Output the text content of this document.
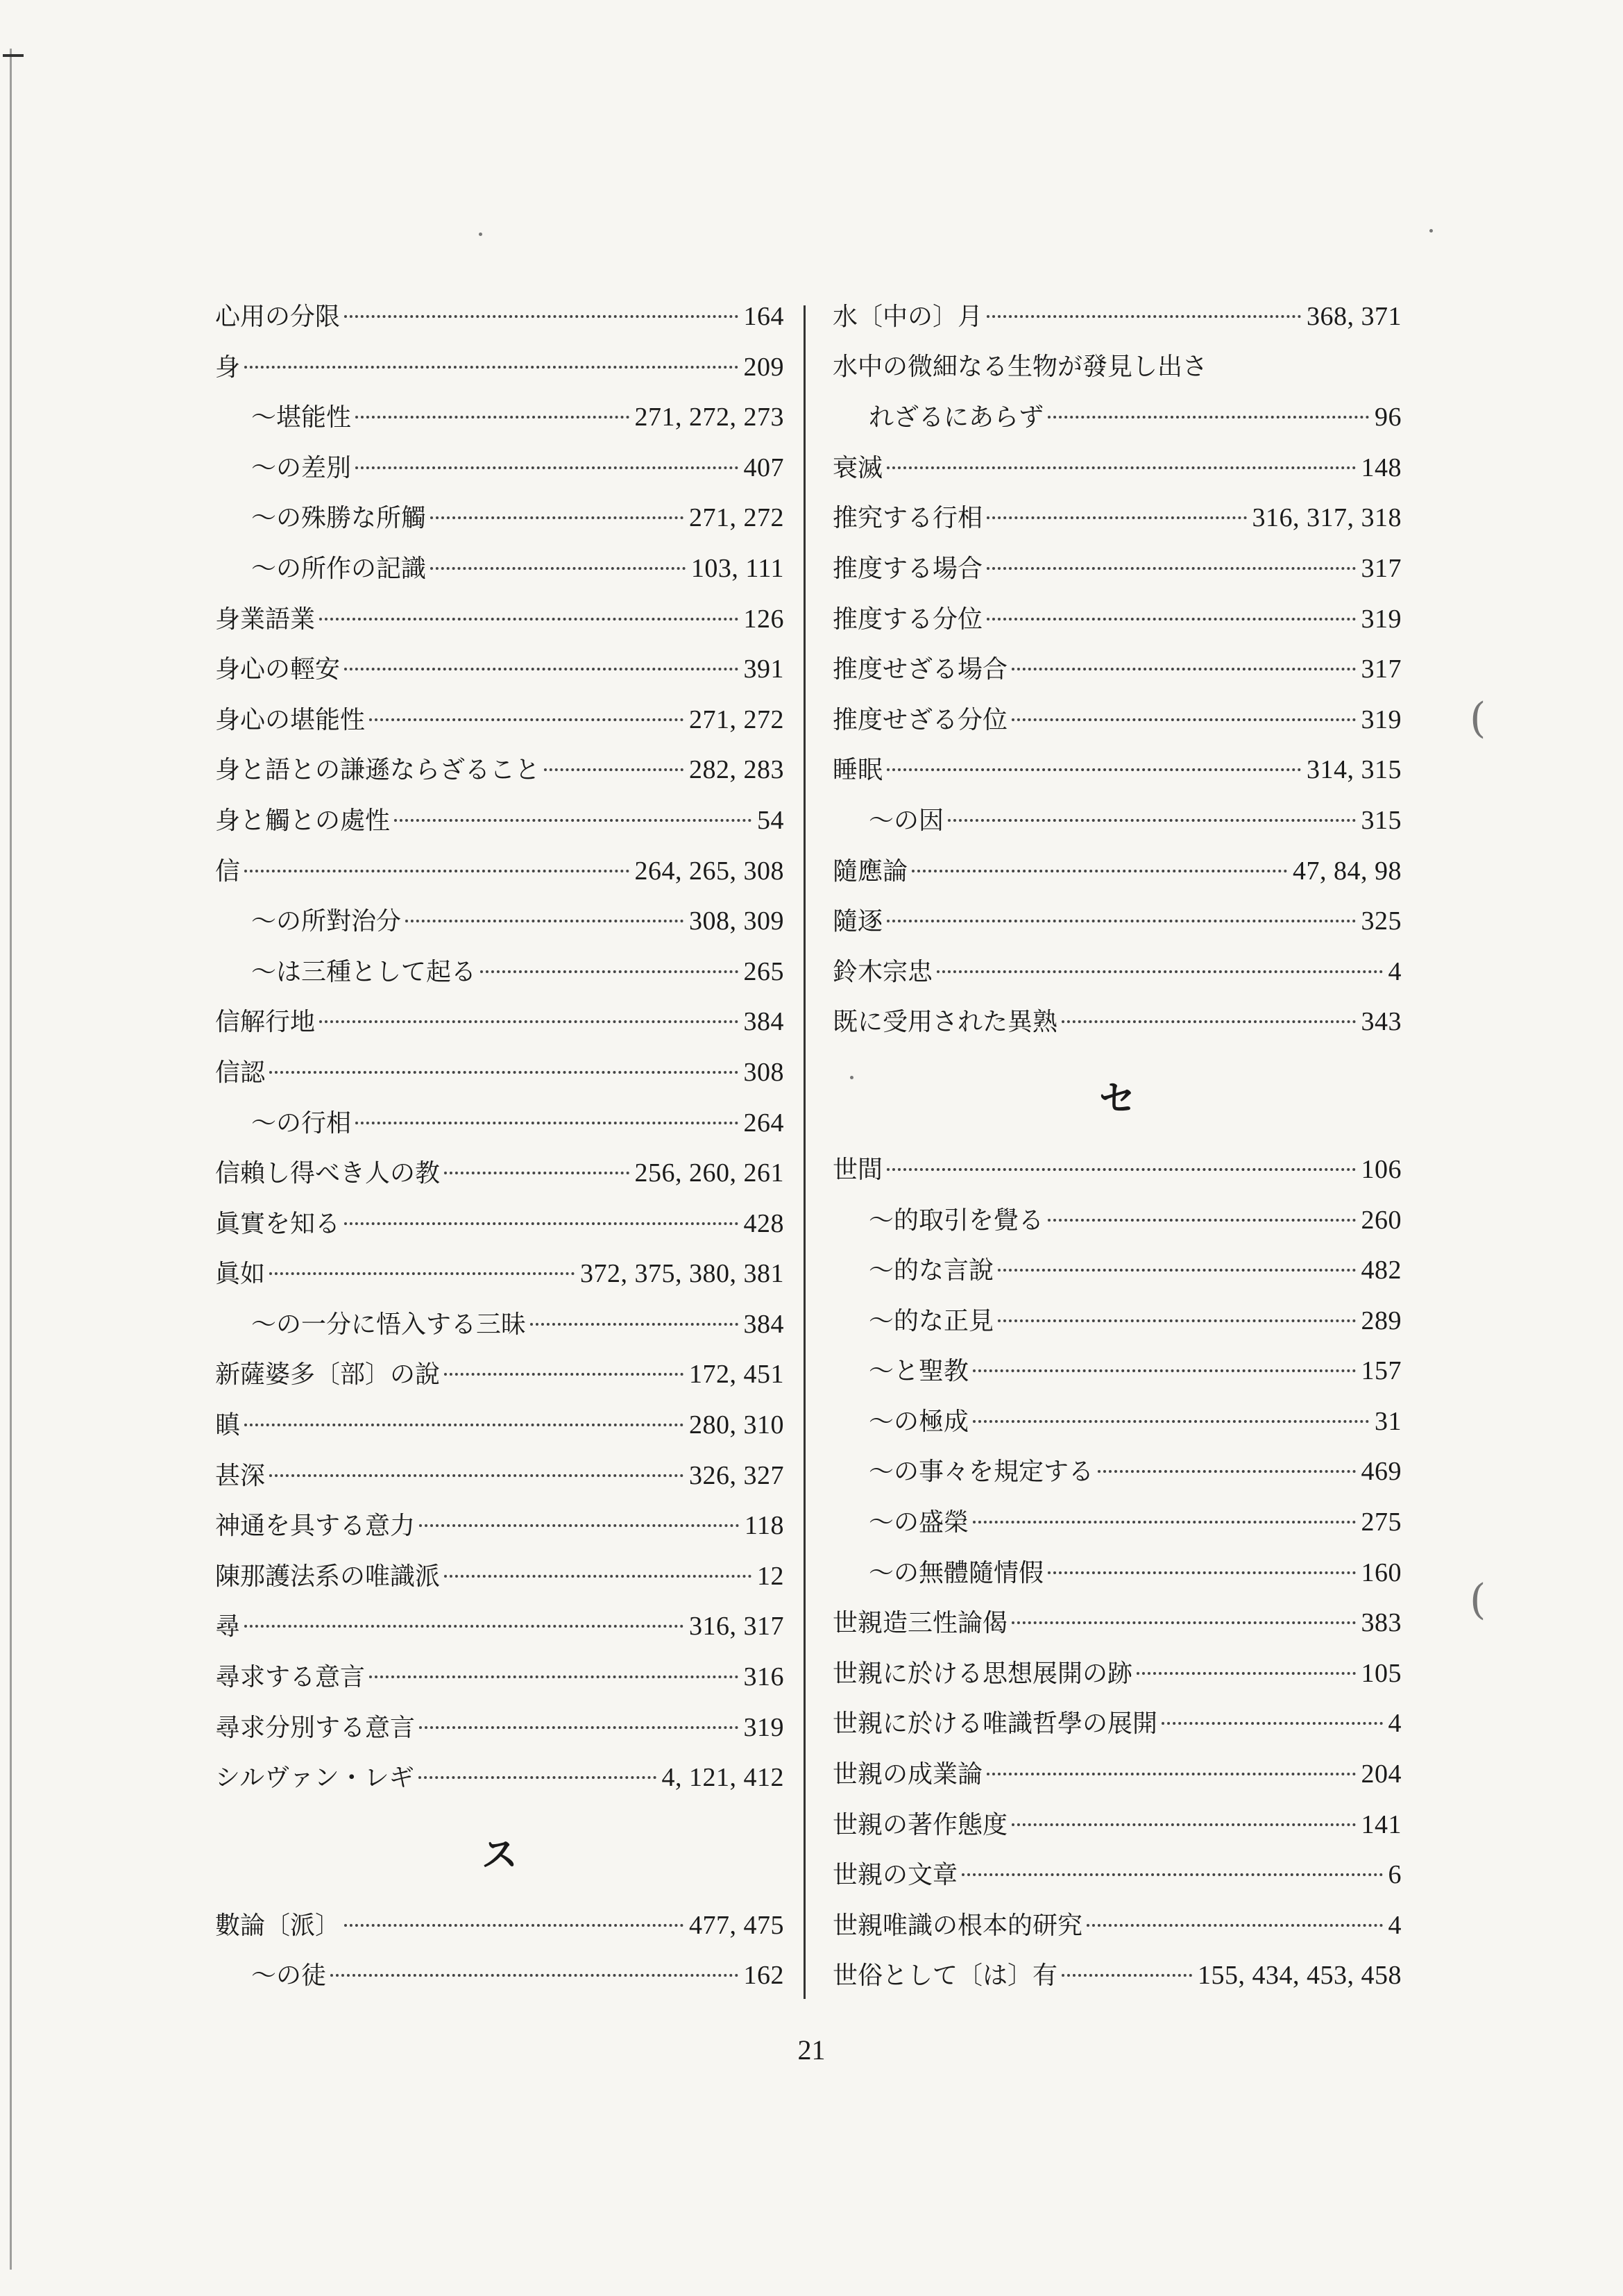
心用の分限	164
身	209
〜堪能性	271, 272, 273
〜の差別	407
〜の殊勝な所觸	271, 272
〜の所作の記識	103, 111
身業語業	126
身心の輕安	391
身心の堪能性	271, 272
身と語との謙遜ならざること	282, 283
身と觸との處性	54
信	264, 265, 308
〜の所對治分	308, 309
〜は三種として起る	265
信解行地	384
信認	308
〜の行相	264
信賴し得べき人の教	256, 260, 261
眞實を知る	428
眞如	372, 375, 380, 381
〜の一分に悟入する三昧	384
新薩婆多〔部〕の說	172, 451
瞋	280, 310
甚深	326, 327
神通を具する意力	118
陳那護法系の唯識派	12
尋	316, 317
尋求する意言	316
尋求分別する意言	319
シルヴァン・レギ	4, 121, 412
ス
數論〔派〕	477, 475
〜の徒	162
水〔中の〕月	368, 371
水中の微細なる生物が發見し出さ
れざるにあらず	96
衰滅	148
推究する行相	316, 317, 318
推度する場合	317
推度する分位	319
推度せざる場合	317
推度せざる分位	319
睡眠	314, 315
〜の因	315
隨應論	47, 84, 98
隨逐	325
鈴木宗忠	4
既に受用された異熟	343
セ
世間	106
〜的取引を覺る	260
〜的な言說	482
〜的な正見	289
〜と聖教	157
〜の極成	31
〜の事々を規定する	469
〜の盛榮	275
〜の無體隨情假	160
世親造三性論偈	383
世親に於ける思想展開の跡	105
世親に於ける唯識哲學の展開	4
世親の成業論	204
世親の著作態度	141
世親の文章	6
世親唯識の根本的研究	4
世俗として〔は〕有	155, 434, 453, 458
21
(
(
